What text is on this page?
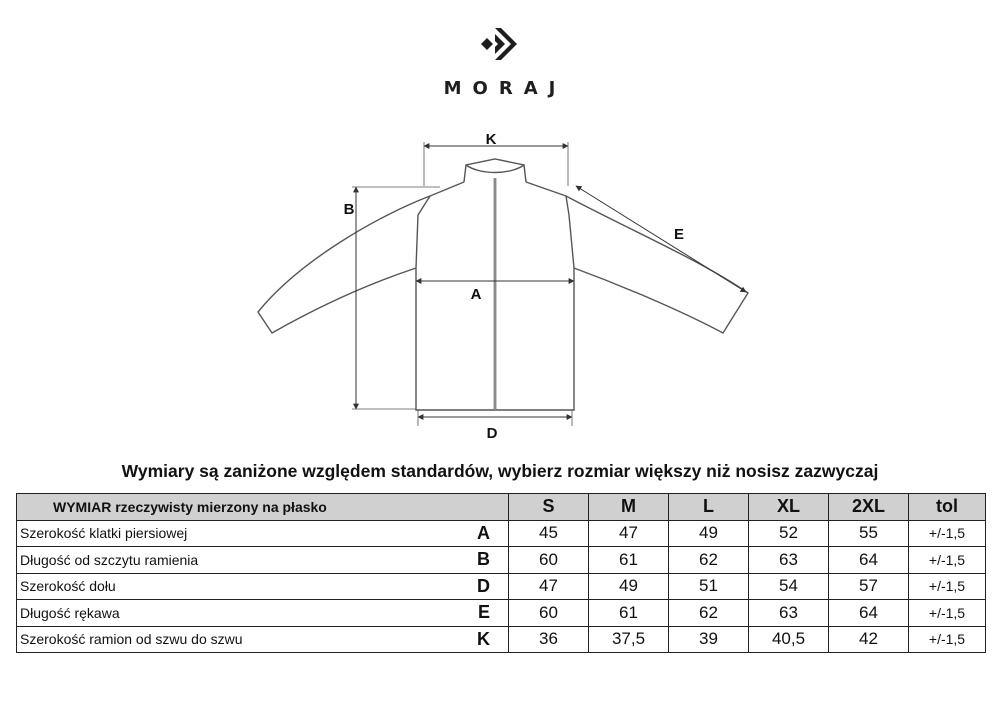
MORAJ
K
B
E
A
D
Wymiary są zaniżone względem standardów, wybierz rozmiar większy niż nosisz zazwyczaj
WYMIAR rzeczywisty mierzony na płasko		S	M	L	XL	2XL	tol
Szerokość klatki piersiowej	A	45	47	49	52	55	+/-1,5
Długość od szczytu ramienia	B	60	61	62	63	64	+/-1,5
Szerokość dołu	D	47	49	51	54	57	+/-1,5
Długość rękawa	E	60	61	62	63	64	+/-1,5
Szerokość ramion od szwu do szwu	K	36	37,5	39	40,5	42	+/-1,5
